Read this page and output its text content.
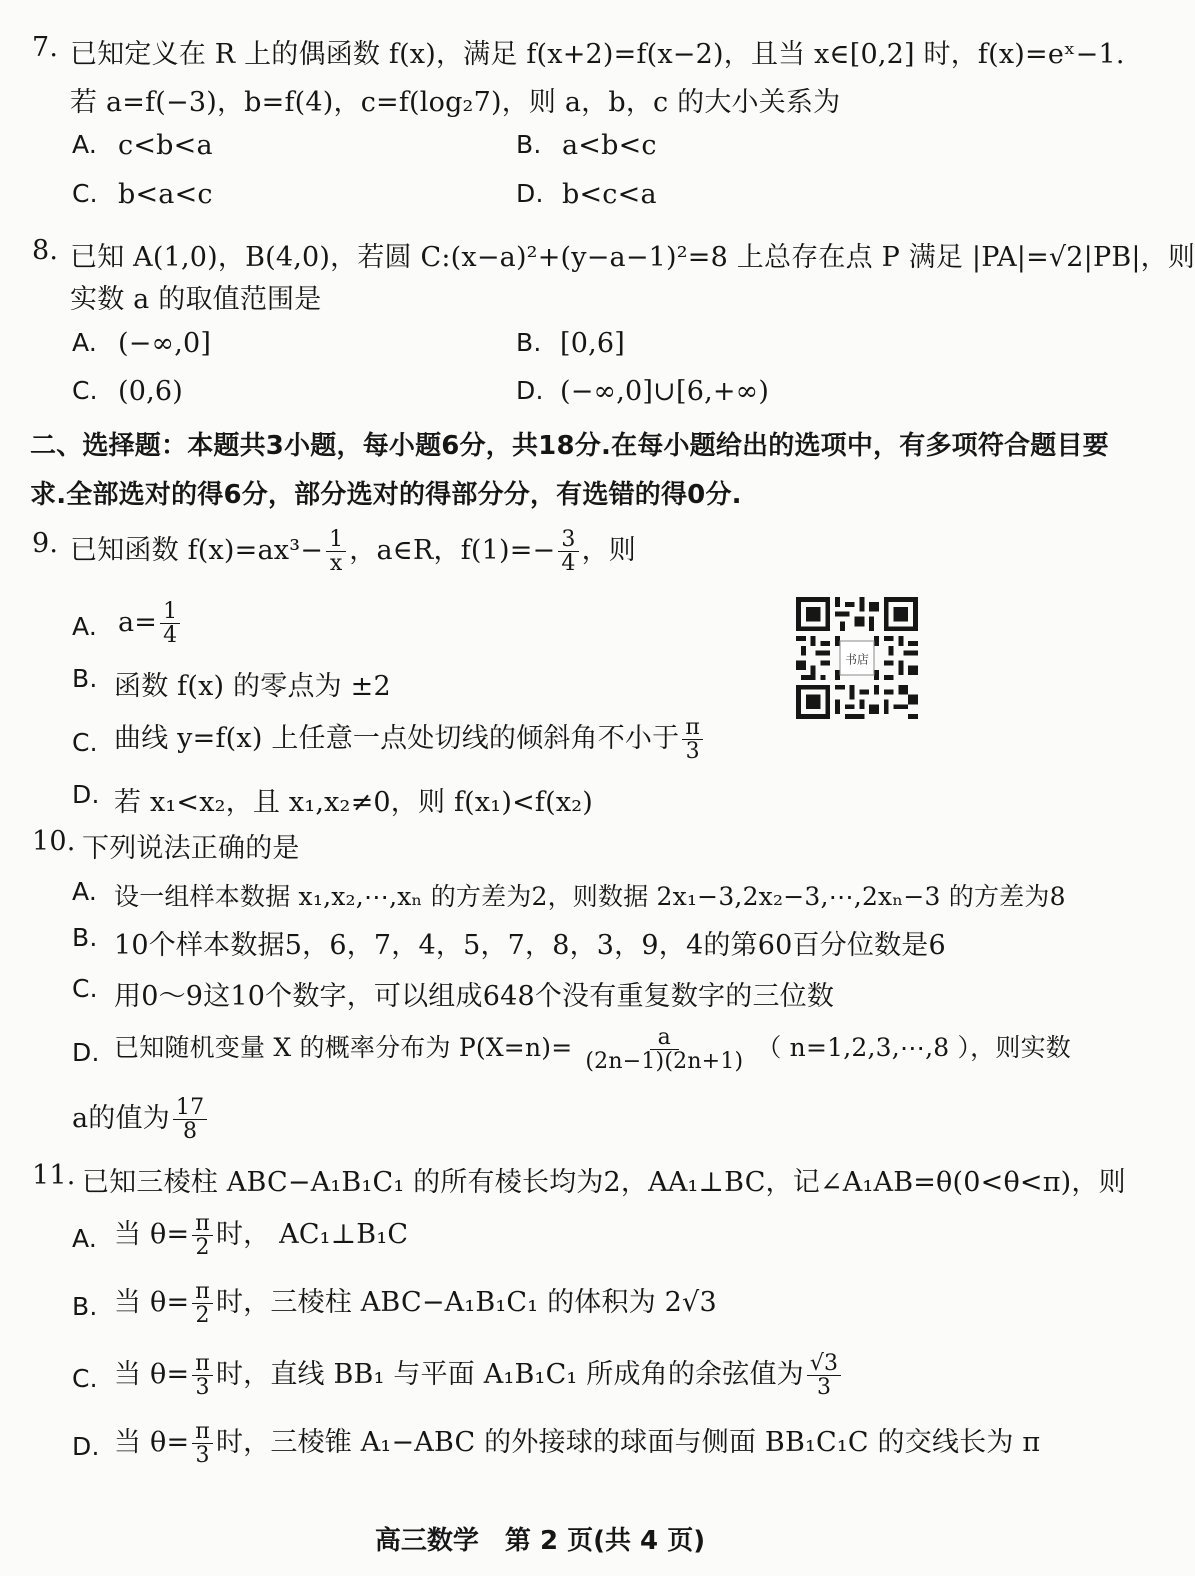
7. 已知定义在 R 上的偶函数 f(x)，满足 f(x+2)=f(x−2)，且当 x∈[0,2] 时，f(x)=eˣ−1.
若 a=f(−3)，b=f(4)，c=f(log₂7)，则 a，b，c 的大小关系为
A. c<b<a	B. a<b<c
C. b<a<c	D. b<c<a
8. 已知 A(1,0)，B(4,0)，若圆 C:(x−a)²+(y−a−1)²=8 上总存在点 P 满足 |PA|=√2|PB|，则
实数 a 的取值范围是
A. (−∞,0]	B. [0,6]
C. (0,6)	D. (−∞,0]∪[6,+∞)
二、选择题：本题共3小题，每小题6分，共18分.在每小题给出的选项中，有多项符合题目要
求.全部选对的得6分，部分选对的得部分分，有选错的得0分.
9. 已知函数 $f(x)=ax^3- \frac{1}{x}$ ，a∈R，$f(1)=- \frac{3}{4}$ ，则
A. $a= \frac{1}{4}$
B. 函数 f(x) 的零点为 ±2
C. 曲线 y=f(x) 上任意一点处切线的倾斜角不小于 $\frac{\pi}{3}$
D. 若 x₁<x₂，且 x₁,x₂≠0，则 f(x₁)<f(x₂)
书店
10. 下列说法正确的是
A. 设一组样本数据 x₁,x₂,⋯,xₙ 的方差为2，则数据 2x₁−3,2x₂−3,⋯,2xₙ−3 的方差为8
B. 10个样本数据5，6，7，4，5，7，8，3，9，4的第60百分位数是6
C. 用0～9这10个数字，可以组成648个没有重复数字的三位数
D. 已知随机变量 X 的概率分布为 $P(X=n)= \frac{a}{(2n-1)(2n+1)}$ （ n=1,2,3,⋯,8 ），则实数
a的值为 $\frac{17}{8}$
11. 已知三棱柱 ABC−A₁B₁C₁ 的所有棱长均为2，AA₁⊥BC，记∠A₁AB=θ(0<θ<π)，则
A. 当 $\theta= \frac{\pi}{2}$ 时， AC₁⊥B₁C
B. 当 $\theta= \frac{\pi}{2}$ 时，三棱柱 ABC−A₁B₁C₁ 的体积为 2√3
C. 当 $\theta= \frac{\pi}{3}$ 时，直线 BB₁ 与平面 A₁B₁C₁ 所成角的余弦值为 $\frac{√3}{3}$
D. 当 $\theta= \frac{\pi}{3}$ 时，三棱锥 A₁−ABC 的外接球的球面与侧面 BB₁C₁C 的交线长为 π
高三数学　第 2 页(共 4 页)
